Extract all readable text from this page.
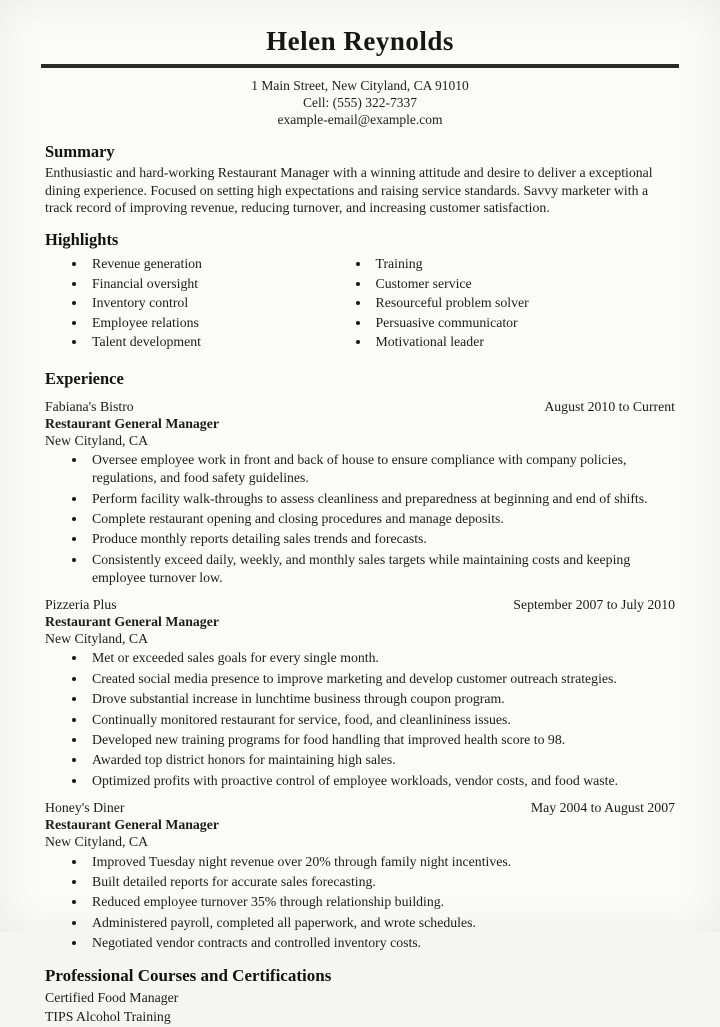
Helen Reynolds
1 Main Street, New Cityland, CA 91010
Cell: (555) 322-7337
example-email@example.com
Summary

Enthusiastic and hard-working Restaurant Manager with a winning attitude and desire to deliver a exceptional dining experience. Focused on setting high expectations and raising service standards. Savvy marketer with a track record of improving revenue, reducing turnover, and increasing customer satisfaction.

Highlights
• Revenue generation
• Financial oversight
• Inventory control
• Employee relations
• Talent development
• Training
• Customer service
• Resourceful problem solver
• Persuasive communicator
• Motivational leader
Experience
Fabiana's Bistro	August 2010 to Current
Restaurant General Manager
New Cityland, CA
• Oversee employee work in front and back of house to ensure compliance with company policies, regulations, and food safety guidelines.
• Perform facility walk-throughs to assess cleanliness and preparedness at beginning and end of shifts.
• Complete restaurant opening and closing procedures and manage deposits.
• Produce monthly reports detailing sales trends and forecasts.
• Consistently exceed daily, weekly, and monthly sales targets while maintaining costs and keeping employee turnover low.
Pizzeria Plus	September 2007 to July 2010
Restaurant General Manager
New Cityland, CA
• Met or exceeded sales goals for every single month.
• Created social media presence to improve marketing and develop customer outreach strategies.
• Drove substantial increase in lunchtime business through coupon program.
• Continually monitored restaurant for service, food, and cleanlininess issues.
• Developed new training programs for food handling that improved health score to 98.
• Awarded top district honors for maintaining high sales.
• Optimized profits with proactive control of employee workloads, vendor costs, and food waste.
Honey's Diner	May 2004 to August 2007
Restaurant General Manager
New Cityland, CA
• Improved Tuesday night revenue over 20% through family night incentives.
• Built detailed reports for accurate sales forecasting.
• Reduced employee turnover 35% through relationship building.
• Administered payroll, completed all paperwork, and wrote schedules.
• Negotiated vendor contracts and controlled inventory costs.
Professional Courses and Certifications
Certified Food Manager
TIPS Alcohol Training
